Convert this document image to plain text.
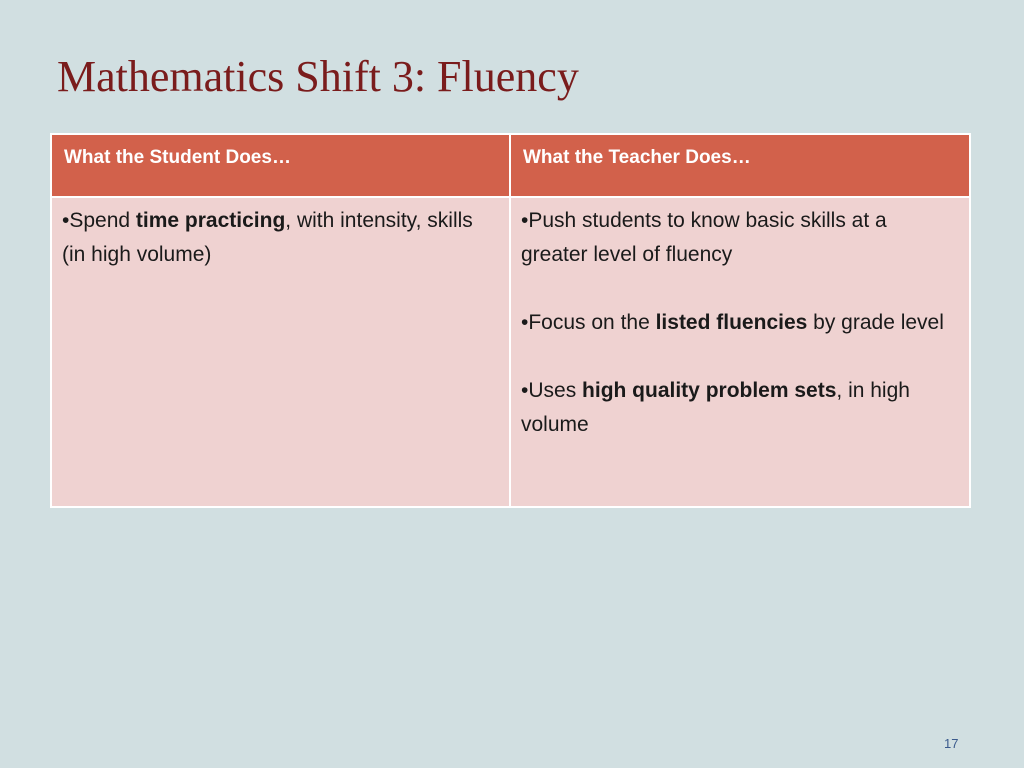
Mathematics Shift 3: Fluency
What the Student Does…	What the Teacher Does…

•Spend time practicing, with intensity, skills (in high volume)	•Push students to know basic skills at a greater level of fluency

•Focus on the listed fluencies by grade level

•Uses high quality problem sets, in high volume

17
